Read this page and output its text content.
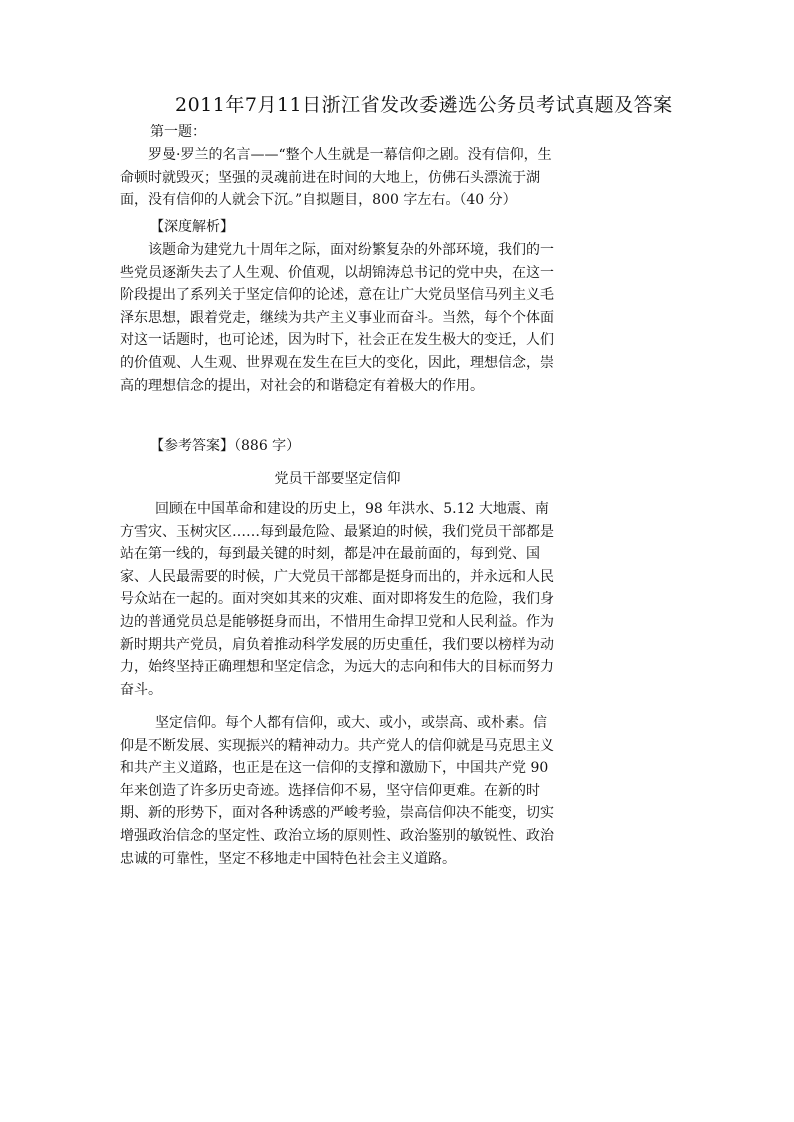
2011年7月11日浙江省发改委遴选公务员考试真题及答案
第一题：

罗曼·罗兰的名言——“整个人生就是一幕信仰之剧。没有信仰，生命顿时就毁灭；坚强的灵魂前进在时间的大地上，仿佛石头漂流于湖面，没有信仰的人就会下沉。”自拟题目，800 字左右。（40 分）

【深度解析】

该题命为建党九十周年之际，面对纷繁复杂的外部环境，我们的一些党员逐渐失去了人生观、价值观，以胡锦涛总书记的党中央，在这一阶段提出了系列关于坚定信仰的论述，意在让广大党员坚信马列主义毛泽东思想，跟着党走，继续为共产主义事业而奋斗。当然，每个个体面对这一话题时，也可论述，因为时下，社会正在发生极大的变迁，人们的价值观、人生观、世界观在发生在巨大的变化，因此，理想信念，崇高的理想信念的提出，对社会的和谐稳定有着极大的作用。

【参考答案】（886 字）
党员干部要坚定信仰

回顾在中国革命和建设的历史上，98 年洪水、5.12 大地震、南方雪灾、玉树灾区……每到最危险、最紧迫的时候，我们党员干部都是站在第一线的，每到最关键的时刻，都是冲在最前面的，每到党、国家、人民最需要的时候，广大党员干部都是挺身而出的，并永远和人民号众站在一起的。面对突如其来的灾难、面对即将发生的危险，我们身边的普通党员总是能够挺身而出，不惜用生命捍卫党和人民利益。作为新时期共产党员，肩负着推动科学发展的历史重任，我们要以榜样为动力，始终坚持正确理想和坚定信念，为远大的志向和伟大的目标而努力奋斗。

坚定信仰。每个人都有信仰，或大、或小，或崇高、或朴素。信仰是不断发展、实现振兴的精神动力。共产党人的信仰就是马克思主义和共产主义道路，也正是在这一信仰的支撑和激励下，中国共产党 90 年来创造了许多历史奇迹。选择信仰不易，坚守信仰更难。在新的时期、新的形势下，面对各种诱惑的严峻考验，崇高信仰决不能变，切实增强政治信念的坚定性、政治立场的原则性、政治鉴别的敏锐性、政治忠诚的可靠性，坚定不移地走中国特色社会主义道路。
